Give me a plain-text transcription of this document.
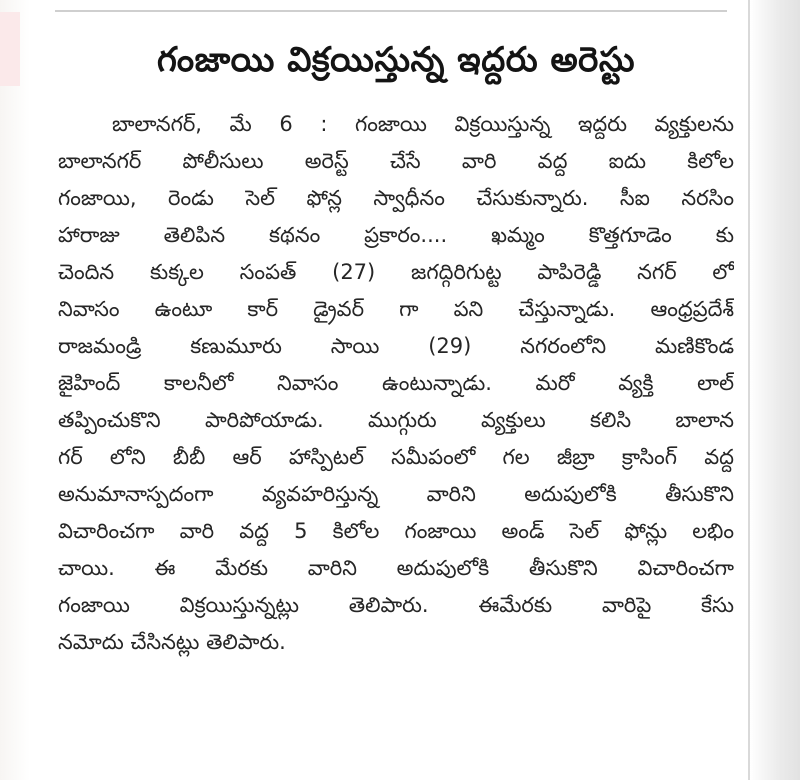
గంజాయి విక్రయిస్తున్న ఇద్దరు అరెస్టు
బాలానగర్, మే 6 : గంజాయి విక్రయిస్తున్న ఇద్దరు వ్యక్తులను
బాలానగర్ పోలీసులు అరెస్ట్ చేసే వారి వద్ద ఐదు కిలోల
గంజాయి, రెండు సెల్ ఫోన్ల స్వాధీనం చేసుకున్నారు. సీఐ నరసిం
హారాజు తెలిపిన కథనం ప్రకారం.... ఖమ్మం కొత్తగూడెం కు
చెందిన కుక్కల సంపత్ (27) జగద్గిరిగుట్ట పాపిరెడ్డి నగర్ లో
నివాసం ఉంటూ కార్ డ్రైవర్ గా పని చేస్తున్నాడు. ఆంధ్రప్రదేశ్
రాజమండ్రి కణుమూరు సాయి (29) నగరంలోని మణికొండ
జైహింద్ కాలనీలో నివాసం ఉంటున్నాడు. మరో వ్యక్తి లాల్
తప్పించుకొని పారిపోయాడు. ముగ్గురు వ్యక్తులు కలిసి బాలాన
గర్ లోని బీబీ ఆర్ హాస్పిటల్ సమీపంలో గల జీబ్రా క్రాసింగ్ వద్ద
అనుమానాస్పదంగా వ్యవహరిస్తున్న వారిని అదుపులోకి తీసుకొని
విచారించగా వారి వద్ద 5 కిలోల గంజాయి అండ్ సెల్ ఫోన్లు లభిం
చాయి. ఈ మేరకు వారిని అదుపులోకి తీసుకొని విచారించగా
గంజాయి విక్రయిస్తున్నట్లు తెలిపారు. ఈమేరకు వారిపై కేసు
నమోదు చేసినట్లు తెలిపారు.
